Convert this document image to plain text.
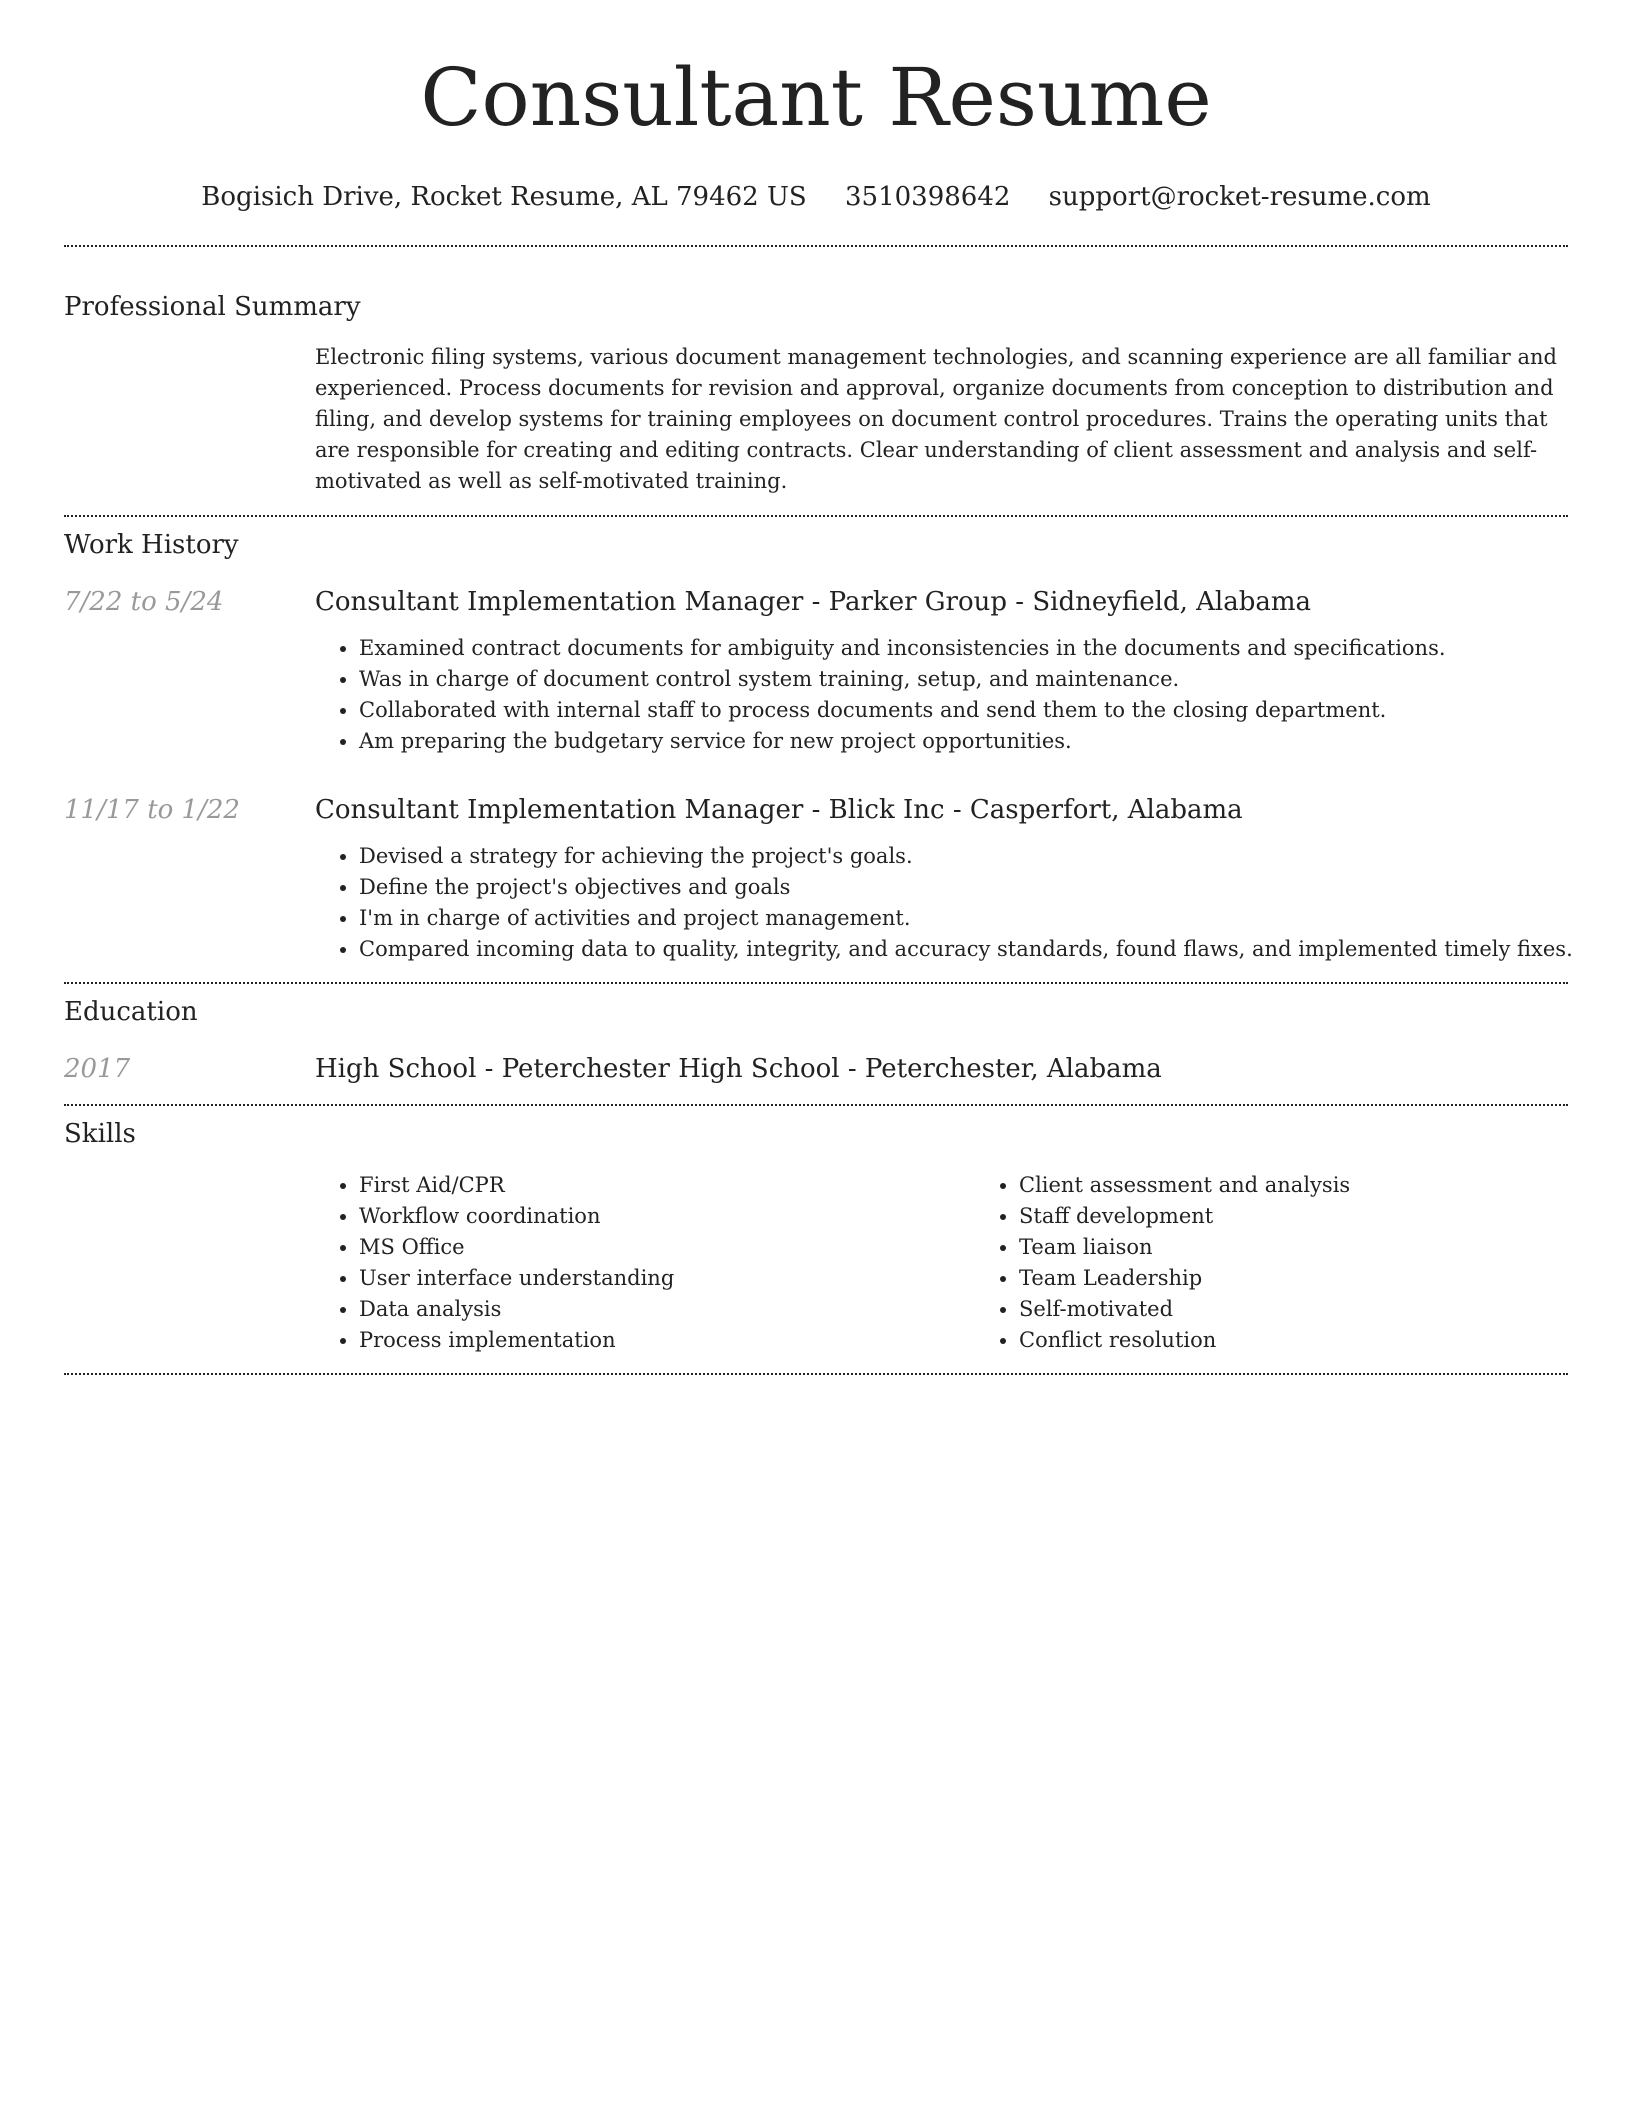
Consultant Resume
Bogisich Drive, Rocket Resume, AL 79462 US 3510398642 support@rocket-resume.com
Professional Summary
Electronic filing systems, various document management technologies, and scanning experience are all familiar and experienced. Process documents for revision and approval, organize documents from conception to distribution and filing, and develop systems for training employees on document control procedures. Trains the operating units that are responsible for creating and editing contracts. Clear understanding of client assessment and analysis and self-motivated as well as self-motivated training.
Work History
7/22 to 5/24	Consultant Implementation Manager - Parker Group - Sidneyfield, Alabama
• Examined contract documents for ambiguity and inconsistencies in the documents and specifications.
• Was in charge of document control system training, setup, and maintenance.
• Collaborated with internal staff to process documents and send them to the closing department.
• Am preparing the budgetary service for new project opportunities.
11/17 to 1/22	Consultant Implementation Manager - Blick Inc - Casperfort, Alabama
• Devised a strategy for achieving the project's goals.
• Define the project's objectives and goals
• I'm in charge of activities and project management.
• Compared incoming data to quality, integrity, and accuracy standards, found flaws, and implemented timely fixes.
Education
2017	High School - Peterchester High School - Peterchester, Alabama
Skills
• First Aid/CPR
• Workflow coordination
• MS Office
• User interface understanding
• Data analysis
• Process implementation
• Client assessment and analysis
• Staff development
• Team liaison
• Team Leadership
• Self-motivated
• Conflict resolution
